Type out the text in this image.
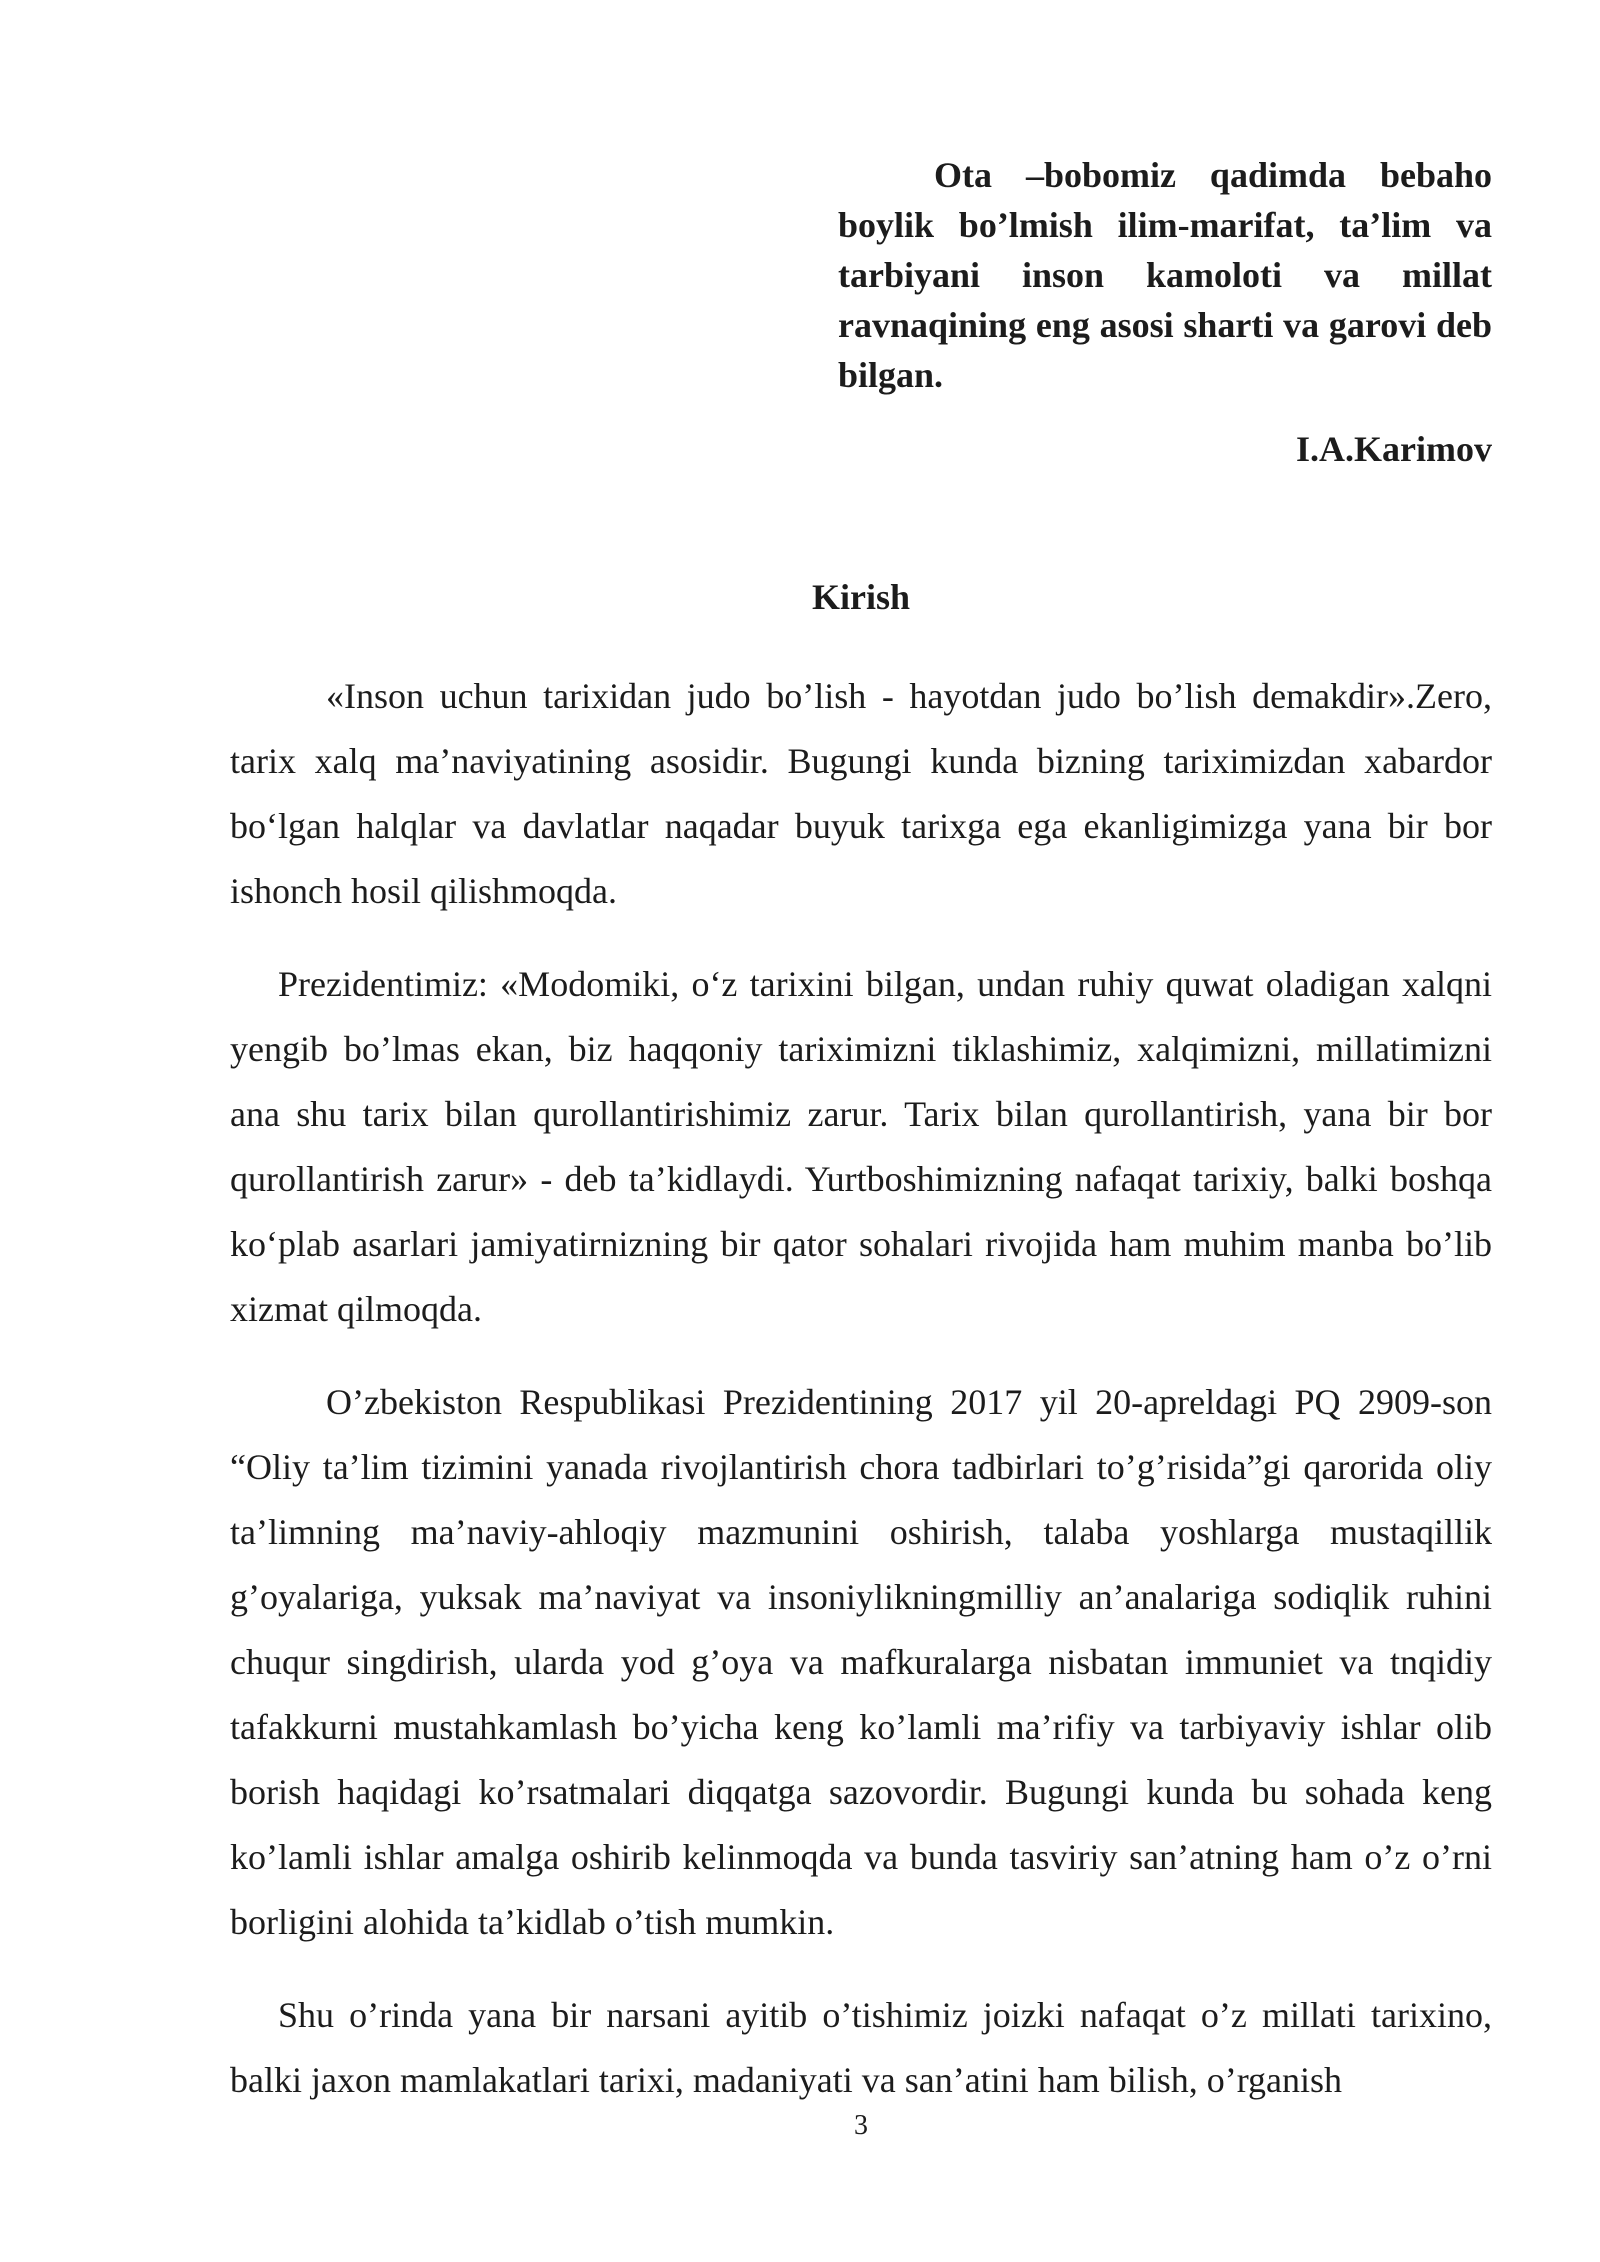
Ota –bobomiz qadimda bebaho boylik bo’lmish ilim-marifat, ta’lim va tarbiyani inson kamoloti va millat ravnaqining eng asosi sharti va garovi deb bilgan.

I.A.Karimov

Kirish

«Inson uchun tarixidan judo bo’lish - hayotdan judo bo’lish demakdir».Zero, tarix xalq ma’naviyatining asosidir. Bugungi kunda bizning tariximizdan xabardor bo‘lgan halqlar va davlatlar naqadar buyuk tarixga ega ekanligimizga yana bir bor ishonch hosil qilishmoqda.

Prezidentimiz: «Modomiki, o‘z tarixini bilgan, undan ruhiy quwat oladigan xalqni yengib bo’lmas ekan, biz haqqoniy tariximizni tiklashimiz, xalqimizni, millatimizni ana shu tarix bilan qurollantirishimiz zarur. Tarix bilan qurollantirish, yana bir bor qurollantirish zarur» - deb ta’kidlaydi. Yurtboshimizning nafaqat tarixiy, balki boshqa ko‘plab asarlari jamiyatirnizning bir qator sohalari rivojida ham muhim manba bo’lib xizmat qilmoqda.

O’zbekiston Respublikasi Prezidentining 2017 yil 20-apreldagi PQ 2909-son “Oliy ta’lim tizimini yanada rivojlantirish chora tadbirlari to’g’risida”gi qarorida oliy ta’limning ma’naviy-ahloqiy mazmunini oshirish, talaba yoshlarga mustaqillik g’oyalariga, yuksak ma’naviyat va insoniylikningmilliy an’analariga sodiqlik ruhini chuqur singdirish, ularda yod g’oya va mafkuralarga nisbatan immuniet va tnqidiy tafakkurni mustahkamlash bo’yicha keng ko’lamli ma’rifiy va tarbiyaviy ishlar olib borish haqidagi ko’rsatmalari diqqatga sazovordir. Bugungi kunda bu sohada keng ko’lamli ishlar amalga oshirib kelinmoqda va bunda tasviriy san’atning ham o’z o’rni borligini alohida ta’kidlab o’tish mumkin.

Shu o’rinda yana bir narsani ayitib o’tishimiz joizki nafaqat o’z millati tarixino, balki jaxon mamlakatlari tarixi, madaniyati va san’atini ham bilish, o’rganish

3
